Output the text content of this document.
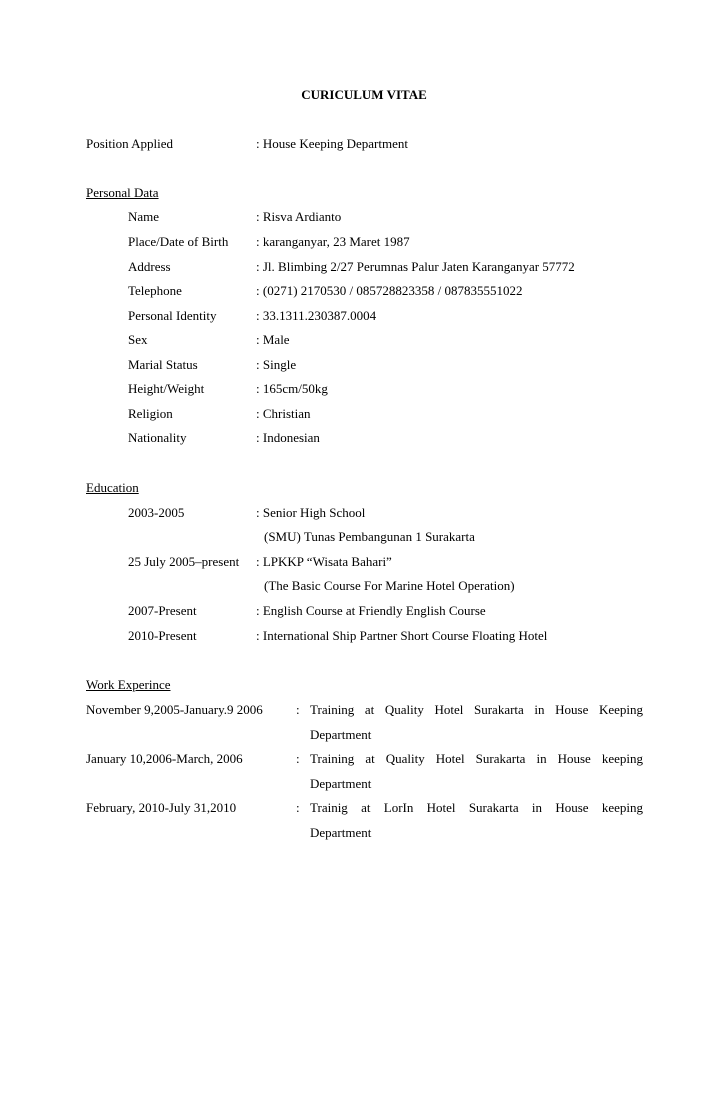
CURICULUM VITAE
Position Applied	: House Keeping Department
Personal Data
Name	: Risva Ardianto
Place/Date of Birth : karanganyar, 23 Maret 1987
Address	: Jl. Blimbing 2/27 Perumnas Palur Jaten Karanganyar 57772
Telephone	: (0271) 2170530 / 085728823358 / 087835551022
Personal Identity	: 33.1311.230387.0004
Sex	: Male
Marial Status	: Single
Height/Weight	: 165cm/50kg
Religion	: Christian
Nationality	: Indonesian
Education
2003-2005	: Senior High School
(SMU) Tunas Pembangunan 1 Surakarta
25 July 2005–present : LPKKP “Wisata Bahari”
(The Basic Course For Marine Hotel Operation)
2007-Present	: English Course at Friendly English Course
2010-Present	: International Ship Partner Short Course Floating Hotel
Work Experince
November 9,2005-January.9 2006	: Training at Quality Hotel Surakarta in House Keeping
Department
January 10,2006-March, 2006	: Training at Quality Hotel Surakarta in House keeping
Department
February, 2010-July 31,2010	: Trainig at LorIn Hotel Surakarta in House keeping
Department
